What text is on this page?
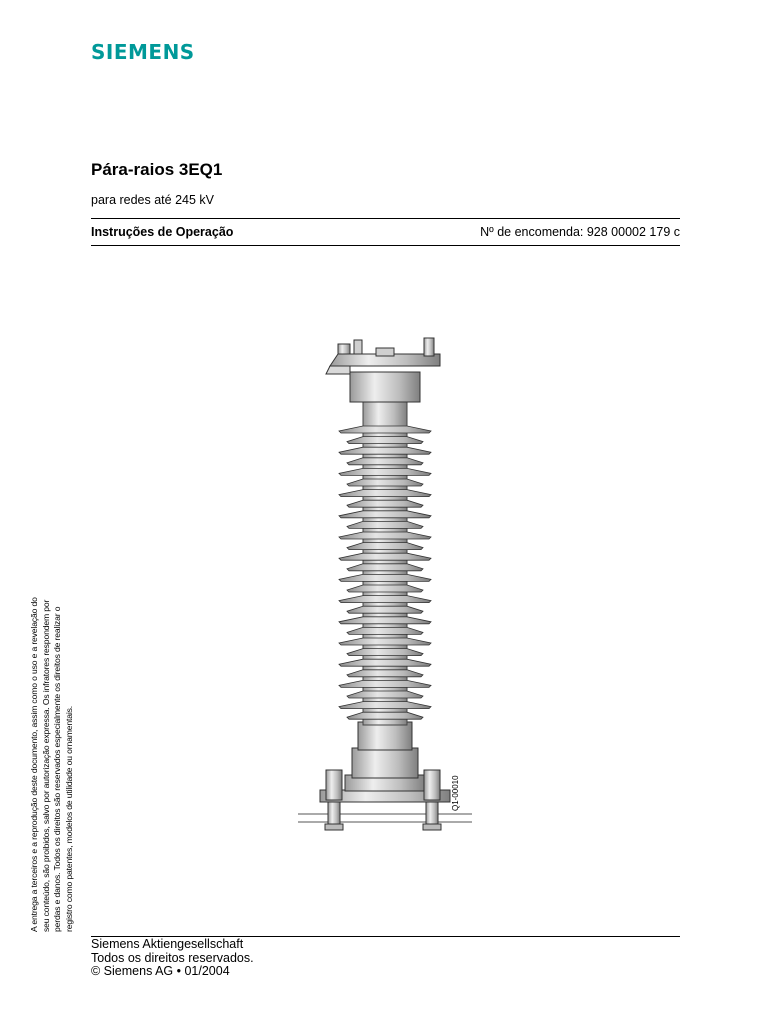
SIEMENS
Pára-raios 3EQ1
para redes até 245 kV
Instruções de Operação	Nº de encomenda: 928 00002 179 c
Q1-00010
A entrega a terceiros e a reprodução deste documento, assim como o uso e a revelação do seu conteúdo, são proibidos, salvo por autorização expressa. Os infratores respondem por perdas e danos. Todos os direitos são reservados especialmente os direitos de realizar o registro como patentes, modelos de utilidade ou ornamentais.
Siemens Aktiengesellschaft
Todos os direitos reservados.
© Siemens AG • 01/2004
